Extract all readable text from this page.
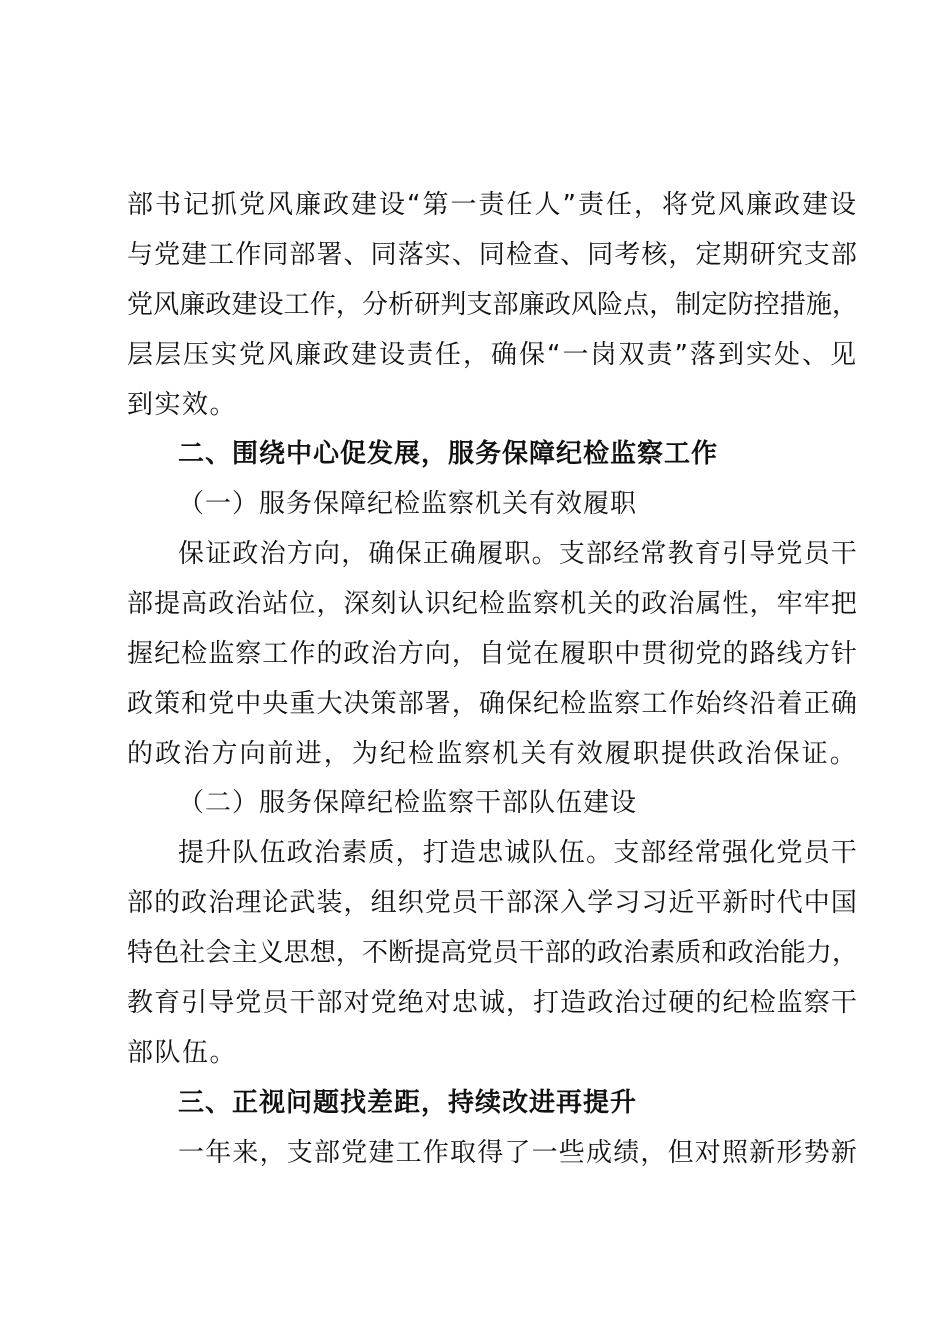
部书记抓党风廉政建设“第一责任人”责任，将党风廉政建设
与党建工作同部署、同落实、同检查、同考核，定期研究支部
党风廉政建设工作，分析研判支部廉政风险点，制定防控措施，
层层压实党风廉政建设责任，确保“一岗双责”落到实处、见
到实效。
二、围绕中心促发展，服务保障纪检监察工作
（一）服务保障纪检监察机关有效履职
保证政治方向，确保正确履职。支部经常教育引导党员干
部提高政治站位，深刻认识纪检监察机关的政治属性，牢牢把
握纪检监察工作的政治方向，自觉在履职中贯彻党的路线方针
政策和党中央重大决策部署，确保纪检监察工作始终沿着正确
的政治方向前进，为纪检监察机关有效履职提供政治保证。
（二）服务保障纪检监察干部队伍建设
提升队伍政治素质，打造忠诚队伍。支部经常强化党员干
部的政治理论武装，组织党员干部深入学习习近平新时代中国
特色社会主义思想，不断提高党员干部的政治素质和政治能力，
教育引导党员干部对党绝对忠诚，打造政治过硬的纪检监察干
部队伍。
三、正视问题找差距，持续改进再提升
一年来，支部党建工作取得了一些成绩，但对照新形势新
